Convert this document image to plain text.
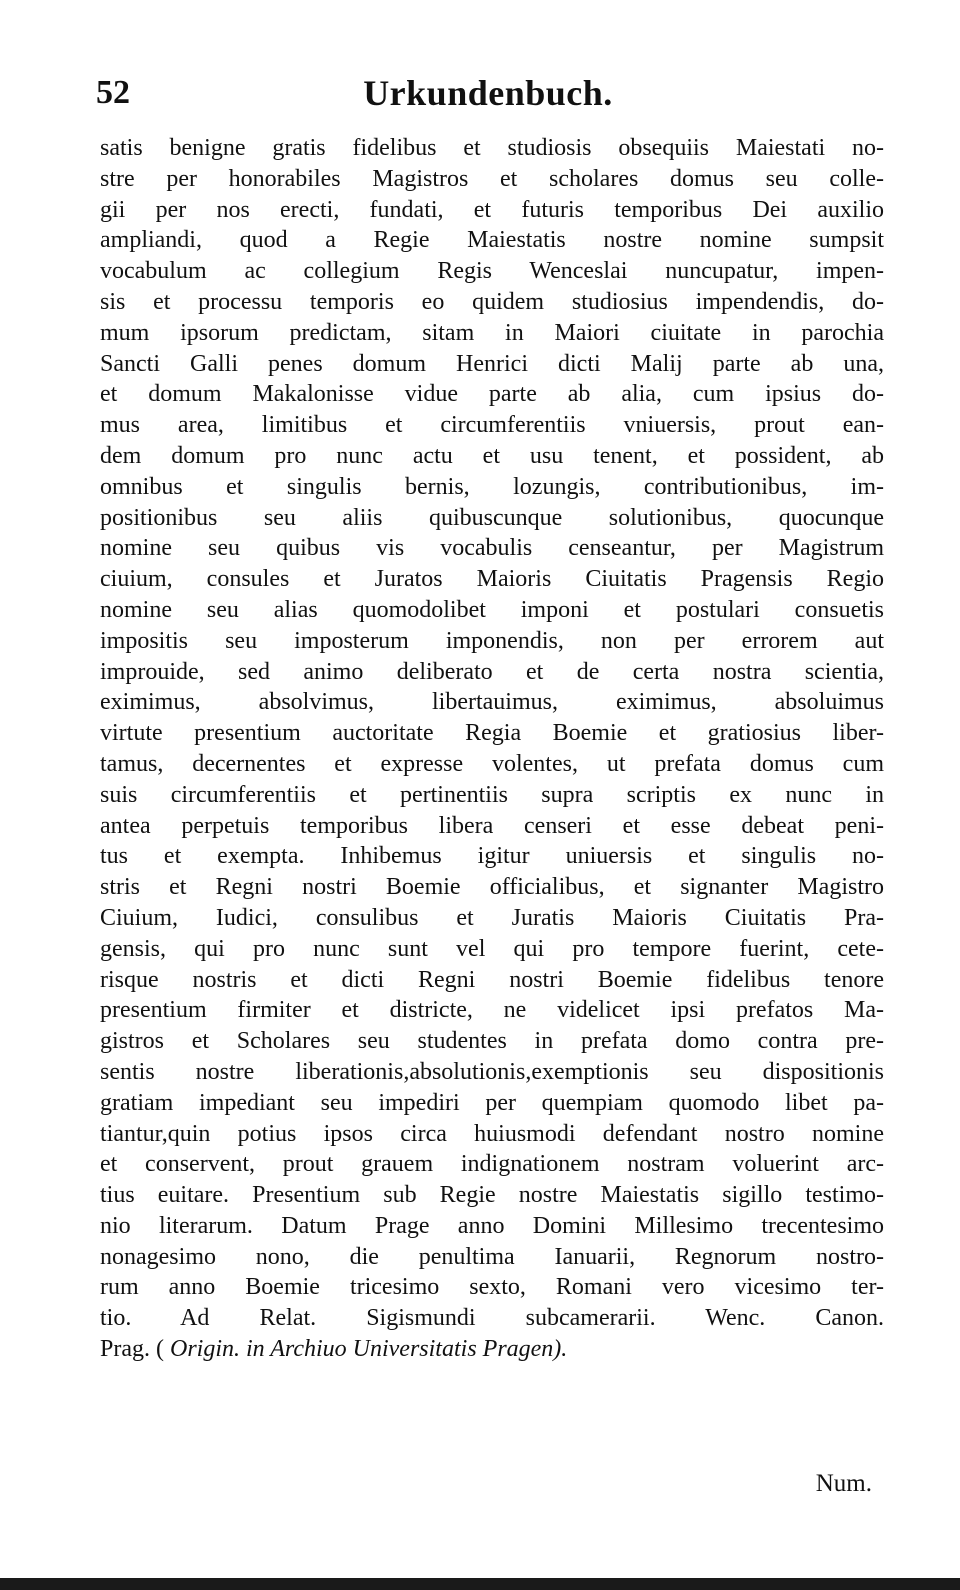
52	Urkundenbuch.
satis benigne gratis fidelibus et studiosis obsequiis Maiestati no-
stre per honorabiles Magistros et scholares domus seu colle-
gii per nos erecti, fundati, et futuris temporibus Dei auxilio
ampliandi, quod a Regie Maiestatis nostre nomine sumpsit
vocabulum ac collegium Regis Wenceslai nuncupatur, impen-
sis et processu temporis eo quidem studiosius impendendis, do-
mum ipsorum predictam, sitam in Maiori ciuitate in parochia
Sancti Galli penes domum Henrici dicti Malij parte ab una,
et domum Makalonisse vidue parte ab alia, cum ipsius do-
mus area, limitibus et circumferentiis vniuersis, prout ean-
dem domum pro nunc actu et usu tenent, et possident, ab
omnibus et singulis bernis, lozungis, contributionibus, im-
positionibus seu aliis quibuscunque solutionibus, quocunque
nomine seu quibus vis vocabulis censeantur, per Magistrum
ciuium, consules et Juratos Maioris Ciuitatis Pragensis Regio
nomine seu alias quomodolibet imponi et postulari consuetis
impositis seu imposterum imponendis, non per errorem aut
improuide, sed animo deliberato et de certa nostra scientia,
eximimus, absolvimus, libertauimus, eximimus, absoluimus
virtute presentium auctoritate Regia Boemie et gratiosius liber-
tamus, decernentes et expresse volentes, ut prefata domus cum
suis circumferentiis et pertinentiis supra scriptis ex nunc in
antea perpetuis temporibus libera censeri et esse debeat peni-
tus et exempta. Inhibemus igitur uniuersis et singulis no-
stris et Regni nostri Boemie officialibus, et signanter Magistro
Ciuium, Iudici, consulibus et Juratis Maioris Ciuitatis Pra-
gensis, qui pro nunc sunt vel qui pro tempore fuerint, cete-
risque nostris et dicti Regni nostri Boemie fidelibus tenore
presentium firmiter et districte, ne videlicet ipsi prefatos Ma-
gistros et Scholares seu studentes in prefata domo contra pre-
sentis nostre liberationis,absolutionis,exemptionis seu dispositionis
gratiam impediant seu impediri per quempiam quomodo libet pa-
tiantur,quin potius ipsos circa huiusmodi defendant nostro nomine
et conservent, prout grauem indignationem nostram voluerint arc-
tius euitare. Presentium sub Regie nostre Maiestatis sigillo testimo-
nio literarum. Datum Prage anno Domini Millesimo trecentesimo
nonagesimo nono, die penultima Ianuarii, Regnorum nostro-
rum anno Boemie tricesimo sexto, Romani vero vicesimo ter-
tio. Ad Relat. Sigismundi subcamerarii. Wenc. Canon.
Prag. ( Origin. in Archiuo Universitatis Pragen).
Num.
